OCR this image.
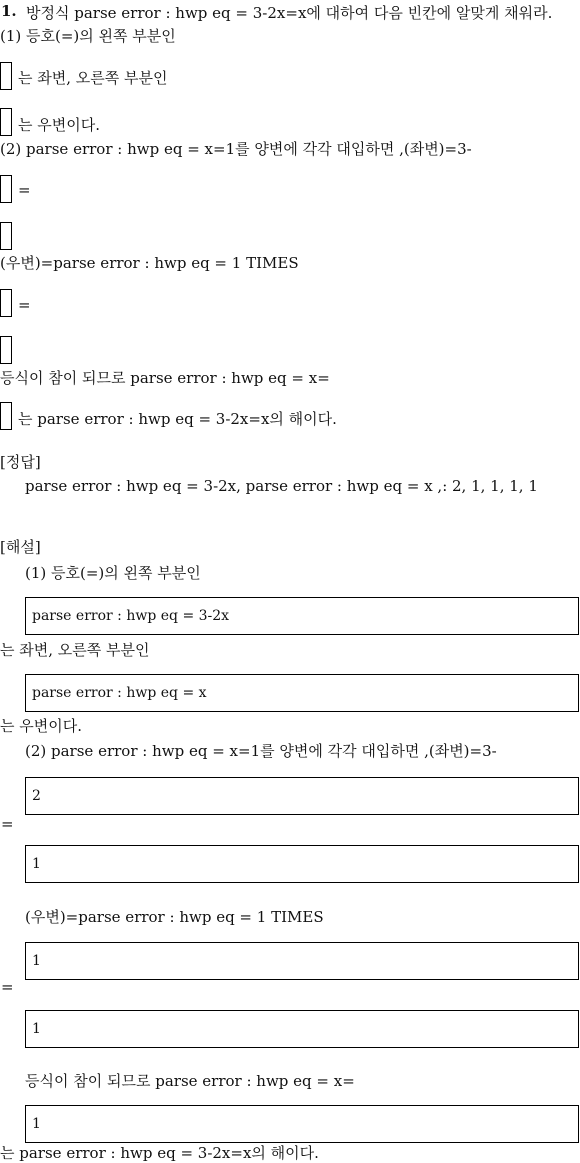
1. 방정식 parse error : hwp eq = 3-2x=x에 대하여 다음 빈칸에 알맞게 채워라.
(1) 등호(=)의 왼쪽 부분인
는 좌변, 오른쪽 부분인
는 우변이다.
(2) parse error : hwp eq = x=1를 양변에 각각 대입하면 ,(좌변)=3-
=
(우변)=parse error : hwp eq = 1 TIMES
=
등식이 참이 되므로 parse error : hwp eq = x=
는 parse error : hwp eq = 3-2x=x의 해이다.
[정답]
parse error : hwp eq = 3-2x, parse error : hwp eq = x ,: 2, 1, 1, 1, 1
[해설]
(1) 등호(=)의 왼쪽 부분인
parse error : hwp eq = 3-2x
는 좌변, 오른쪽 부분인
parse error : hwp eq = x
는 우변이다.
(2) parse error : hwp eq = x=1를 양변에 각각 대입하면 ,(좌변)=3-
2
=
1
(우변)=parse error : hwp eq = 1 TIMES
1
=
1
등식이 참이 되므로 parse error : hwp eq = x=
1
는 parse error : hwp eq = 3-2x=x의 해이다.
